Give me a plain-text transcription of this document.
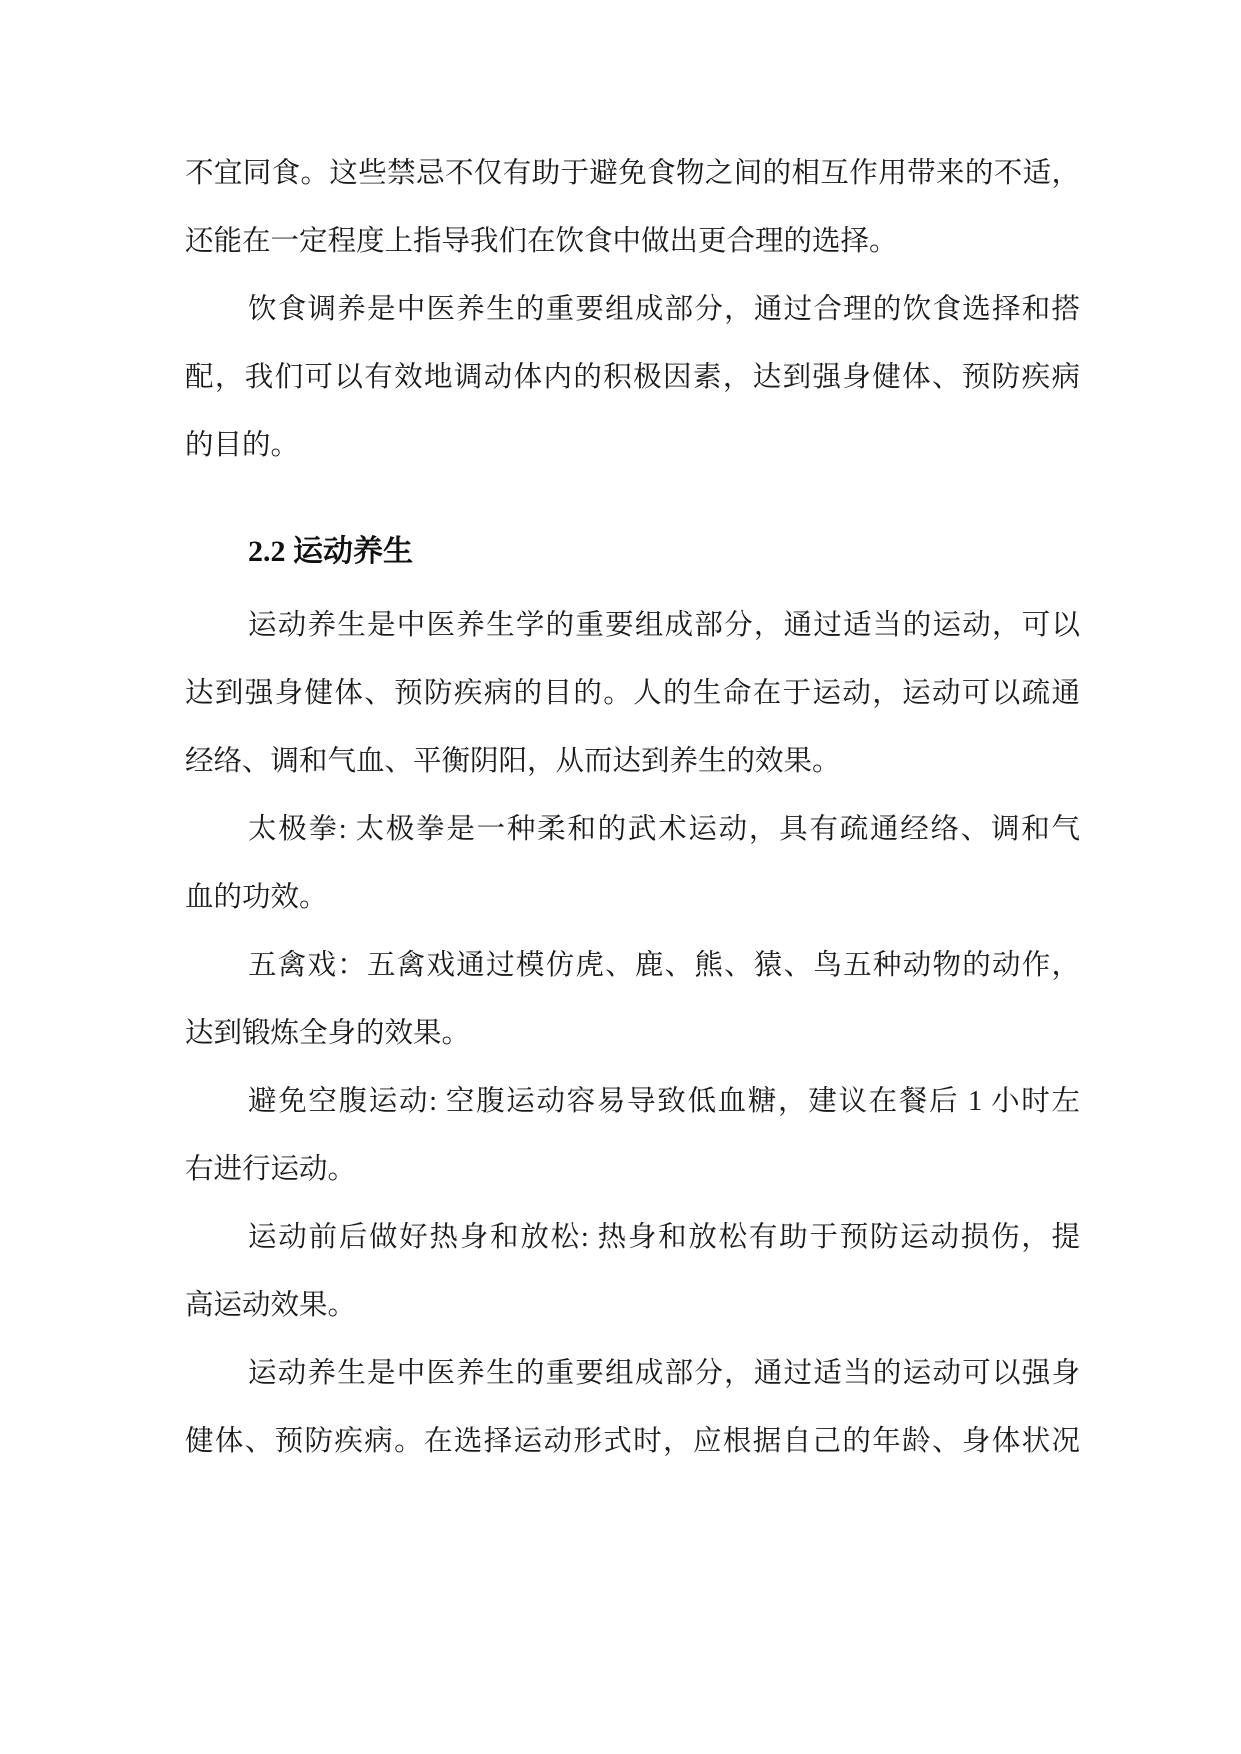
不宜同食。这些禁忌不仅有助于避免食物之间的相互作用带来的不适，
还能在一定程度上指导我们在饮食中做出更合理的选择。
饮食调养是中医养生的重要组成部分，通过合理的饮食选择和搭
配，我们可以有效地调动体内的积极因素，达到强身健体、预防疾病
的目的。
2.2 运动养生
运动养生是中医养生学的重要组成部分，通过适当的运动，可以
达到强身健体、预防疾病的目的。人的生命在于运动，运动可以疏通
经络、调和气血、平衡阴阳，从而达到养生的效果。
太极拳: 太极拳是一种柔和的武术运动，具有疏通经络、调和气
血的功效。
五禽戏：五禽戏通过模仿虎、鹿、熊、猿、鸟五种动物的动作，
达到锻炼全身的效果。
避免空腹运动: 空腹运动容易导致低血糖，建议在餐后 1 小时左
右进行运动。
运动前后做好热身和放松: 热身和放松有助于预防运动损伤，提
高运动效果。
运动养生是中医养生的重要组成部分，通过适当的运动可以强身
健体、预防疾病。在选择运动形式时，应根据自己的年龄、身体状况
